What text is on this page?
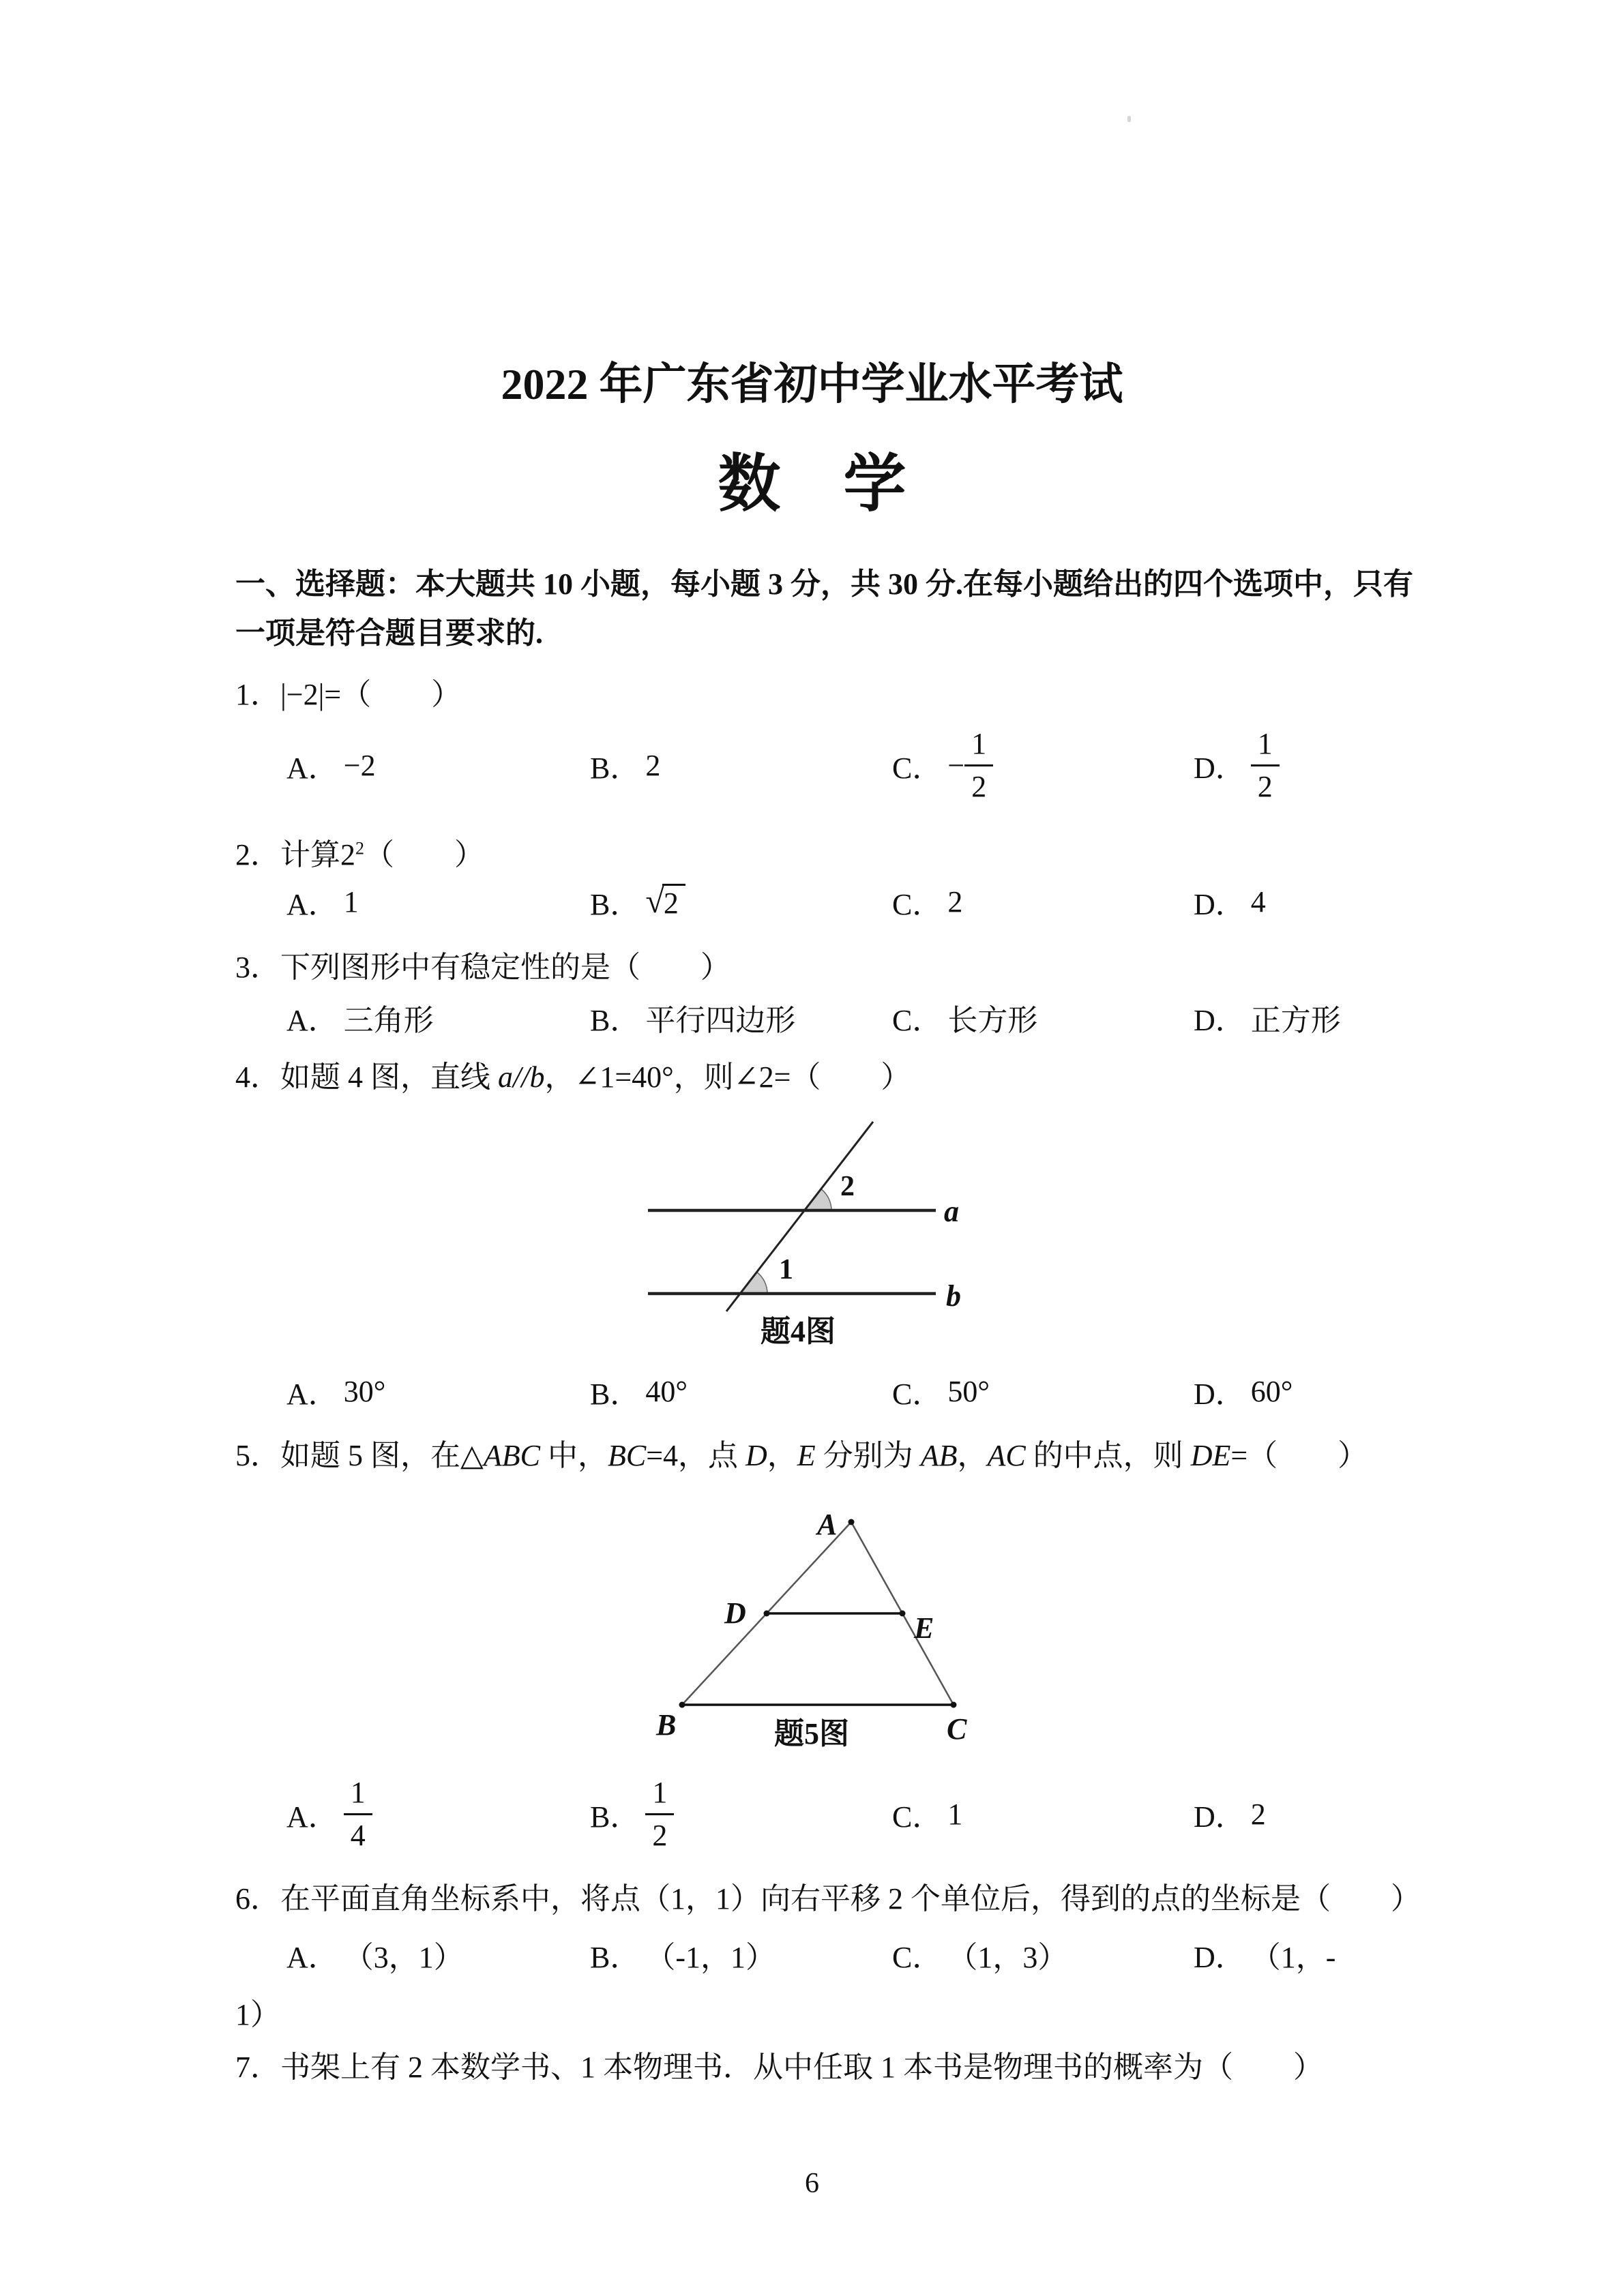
2022 年广东省初中学业水平考试
数　学
一、选择题：本大题共 10 小题，每小题 3 分，共 30 分.在每小题给出的四个选项中，只有
一项是符合题目要求的.
1．|−2|=（　　）
A． −2	B． 2	C． − $\frac{1}{2}$	D． $\frac{1}{2}$
2．计算$2^2$（　　）
A． 1	B． √ 2	C． 2	D． 4
3．下列图形中有稳定性的是（　　）
A． 三角形	B． 平行四边形	C． 长方形	D． 正方形
4．如题 4 图，直线 a//b，∠1=40°，则∠2=（　　）
2
1
a
b
题4图
A． 30°	B． 40°	C． 50°	D． 60°
5．如题 5 图，在△ABC 中，BC=4，点 D，E 分别为 AB，AC 的中点，则 DE=（　　）
A
B	C
D	E
题5图
A． $\frac{1}{4}$	B． $\frac{1}{2}$	C． 1	D． 2
6．在平面直角坐标系中，将点（1，1）向右平移 2 个单位后，得到的点的坐标是（　　）
A． （3，1）	B． （-1，1）	C． （1，3）	D． （1，-
1）
7．书架上有 2 本数学书、1 本物理书．从中任取 1 本书是物理书的概率为（　　）
6
